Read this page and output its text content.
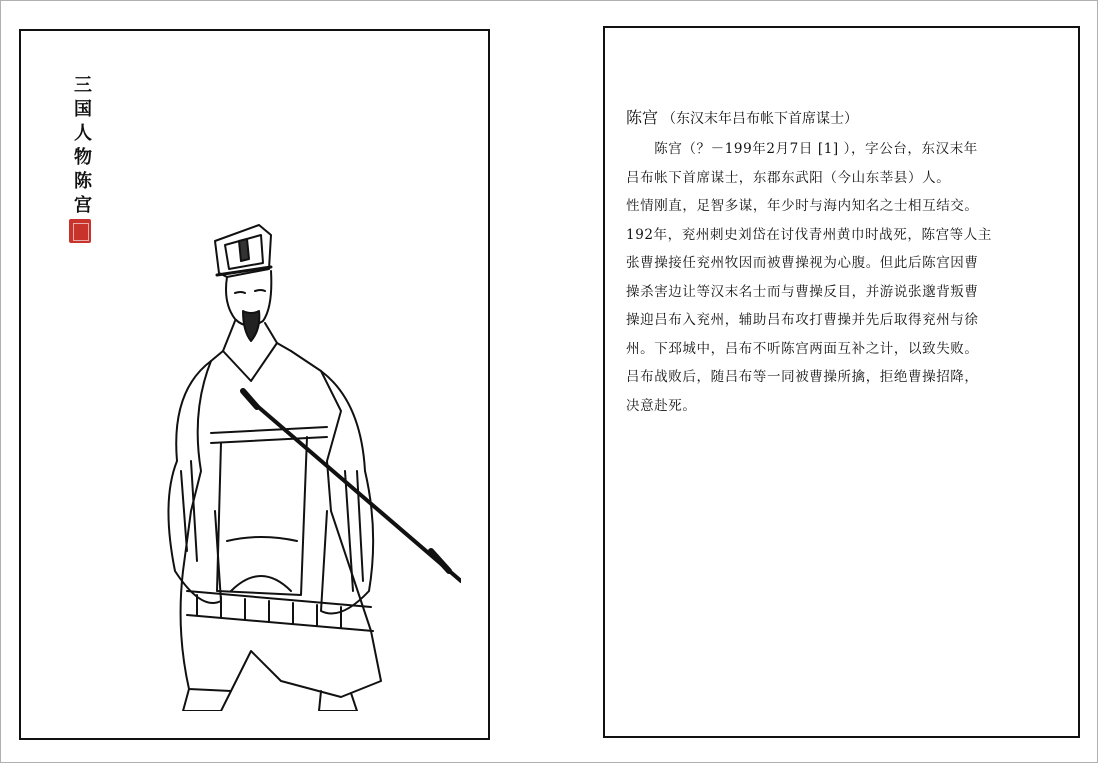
三国人物陈宫	陈宫 （东汉末年吕布帐下首席谋士）
　　陈宫（？－199年2月7日 [1] ），字公台，东汉末年
吕布帐下首席谋士，东郡东武阳（今山东莘县）人。
性情刚直，足智多谋，年少时与海内知名之士相互结交。
192年，兖州刺史刘岱在讨伐青州黄巾时战死，陈宫等人主
张曹操接任兖州牧因而被曹操视为心腹。但此后陈宫因曹
操杀害边让等汉末名士而与曹操反目，并游说张邈背叛曹
操迎吕布入兖州，辅助吕布攻打曹操并先后取得兖州与徐
州。下邳城中，吕布不听陈宫两面互补之计，以致失败。
吕布战败后，随吕布等一同被曹操所擒，拒绝曹操招降，
决意赴死。
